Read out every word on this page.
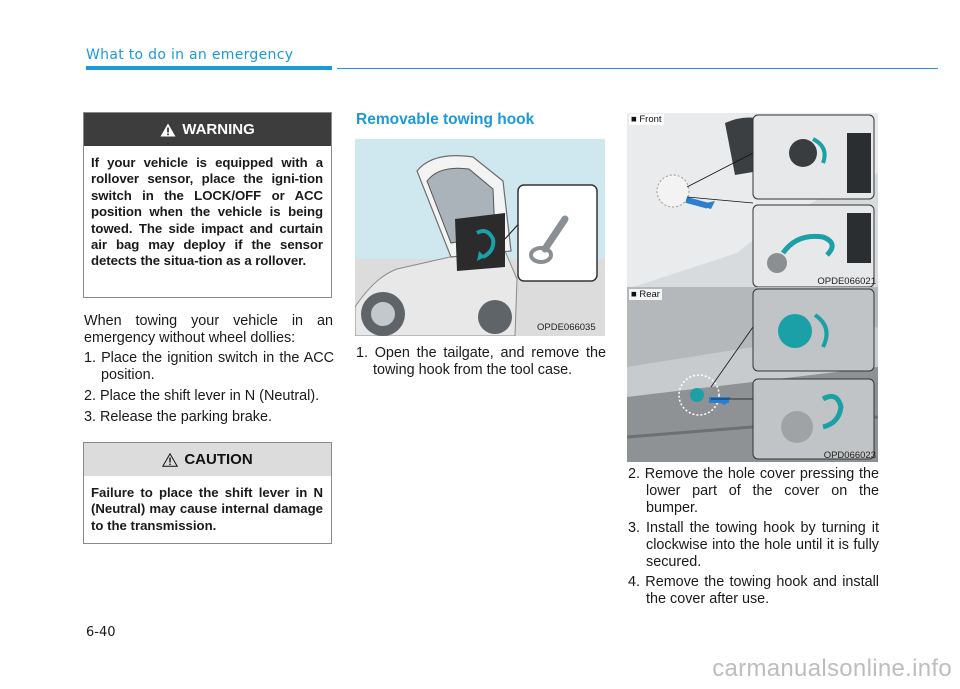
What to do in an emergency
WARNING
If your vehicle is equipped with a rollover sensor, place the igni-tion switch in the LOCK/OFF or ACC position when the vehicle is being towed. The side impact and curtain air bag may deploy if the sensor detects the situa-tion as a rollover.
When towing your vehicle in an emergency without wheel dollies:

1. Place the ignition switch in the ACC position.

2. Place the shift lever in N (Neutral).

3. Release the parking brake.

CAUTION
Failure to place the shift lever in N (Neutral) may cause internal damage to the transmission.
Removable towing hook
OPDE066035

1. Open the tailgate, and remove the towing hook from the tool case.

■ Front
OPDE066021
■ Rear
OPD066023

2. Remove the hole cover pressing the lower part of the cover on the bumper.

3. Install the towing hook by turning it clockwise into the hole until it is fully secured.

4. Remove the towing hook and install the cover after use.

6-40
carmanualsonline.info
